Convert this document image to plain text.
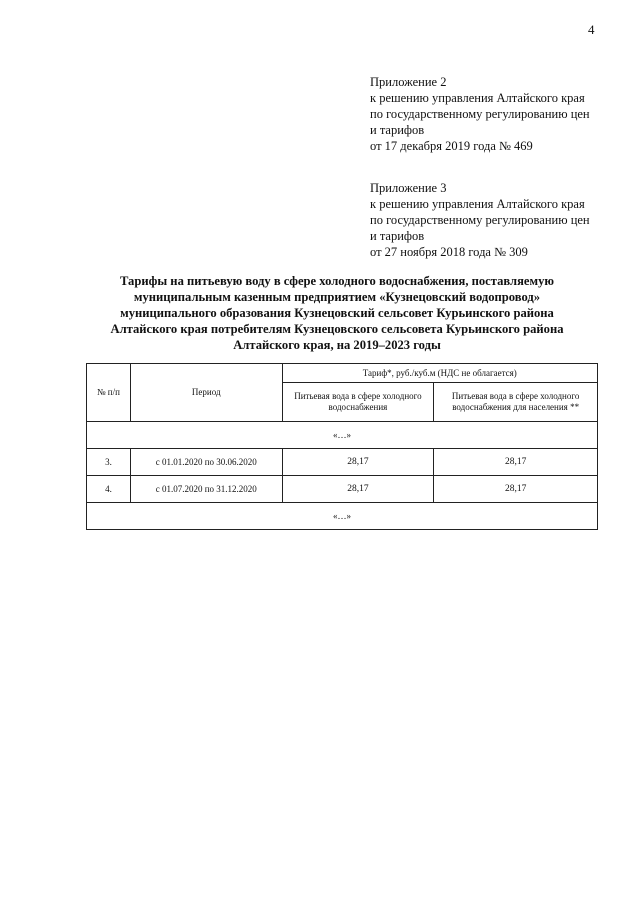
4
Приложение 2
к решению управления Алтайского края
по государственному регулированию цен
и тарифов
от 17 декабря 2019 года № 469
Приложение 3
к решению управления Алтайского края
по государственному регулированию цен
и тарифов
от 27 ноября 2018 года № 309
Тарифы на питьевую воду в сфере холодного водоснабжения, поставляемую
муниципальным казенным предприятием «Кузнецовский водопровод»
муниципального образования Кузнецовский сельсовет Курьинского района
Алтайского края потребителям Кузнецовского сельсовета Курьинского района
Алтайского края, на 2019–2023 годы
№ п/п	Период	Тариф*, руб./куб.м (НДС не облагается)	
		Питьевая вода в сфере холодного водоснабжения	Питьевая вода в сфере холодного водоснабжения для населения **
«…»			
3.	с 01.01.2020 по 30.06.2020	28,17	28,17
4.	с 01.07.2020 по 31.12.2020	28,17	28,17
«…»			
